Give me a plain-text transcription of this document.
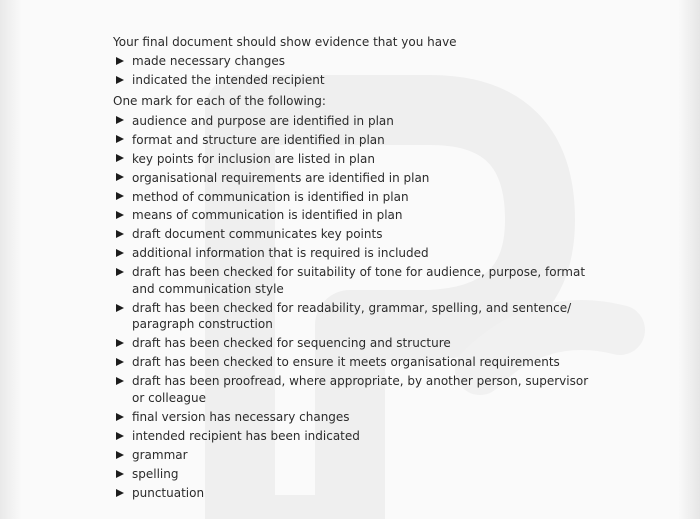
Your final document should show evidence that you have

made necessary changes
indicated the intended recipient

One mark for each of the following:

audience and purpose are identified in plan
format and structure are identified in plan
key points for inclusion are listed in plan
organisational requirements are identified in plan
method of communication is identified in plan
means of communication is identified in plan
draft document communicates key points
additional information that is required is included
draft has been checked for suitability of tone for audience, purpose, format and communication style
draft has been checked for readability, grammar, spelling, and sentence/ paragraph construction
draft has been checked for sequencing and structure
draft has been checked to ensure it meets organisational requirements
draft has been proofread, where appropriate, by another person, supervisor or colleague
final version has necessary changes
intended recipient has been indicated
grammar
spelling
punctuation
